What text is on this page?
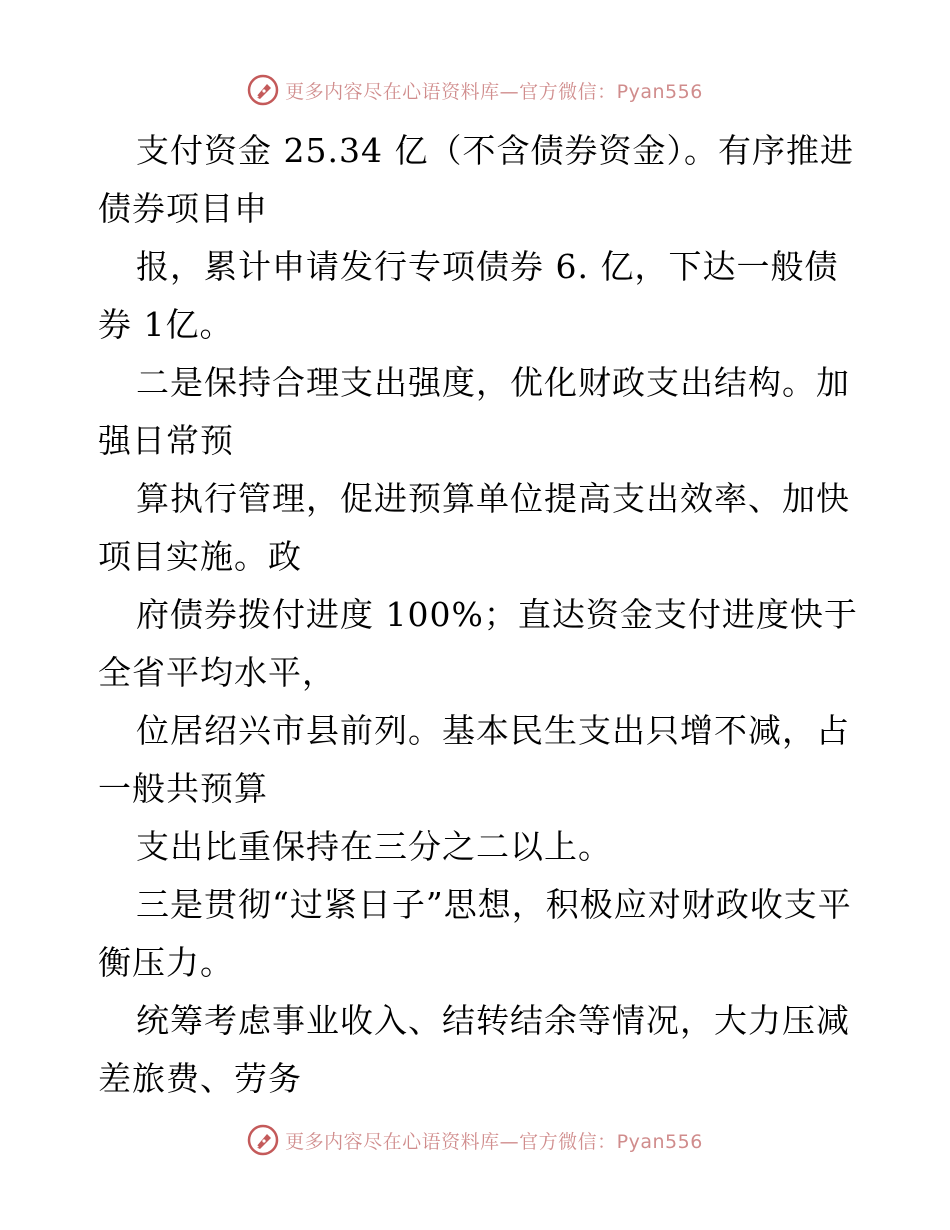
更多内容尽在心语资料库—官方微信：Pyan556

支付资金 25.34 亿（不含债券资金）。有序推进债券项目申

报，累计申请发行专项债券 6. 亿，下达一般债券 1亿。

二是保持合理支出强度，优化财政支出结构。加强日常预

算执行管理，促进预算单位提高支出效率、加快项目实施。政

府债券拨付进度 100%；直达资金支付进度快于全省平均水平，

位居绍兴市县前列。基本民生支出只增不减，占一般共预算

支出比重保持在三分之二以上。

三是贯彻“过紧日子”思想，积极应对财政收支平衡压力。

统筹考虑事业收入、结转结余等情况，大力压减差旅费、劳务

更多内容尽在心语资料库—官方微信：Pyan556
